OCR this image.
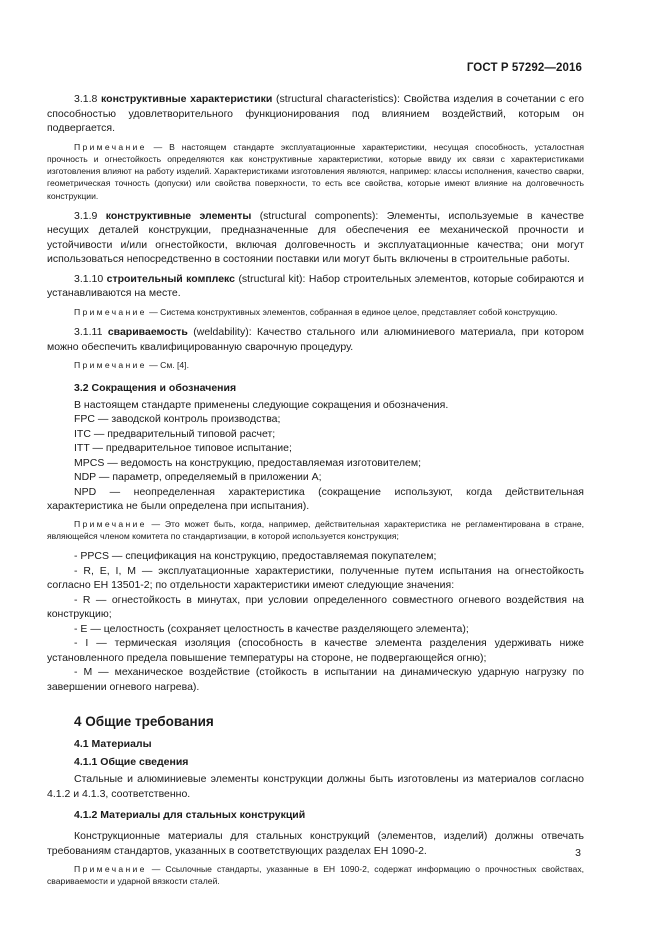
ГОСТ Р 57292—2016

3.1.8 конструктивные характеристики (structural characteristics): Свойства изделия в сочетании с его способностью удовлетворительного функционирования под влиянием воздействий, которым он подвергается.

Примечание — В настоящем стандарте эксплуатационные характеристики, несущая способность, усталостная прочность и огнестойкость определяются как конструктивные характеристики, которые ввиду их связи с характеристиками изготовления влияют на работу изделий. Характеристиками изготовления являются, например: классы исполнения, качество сварки, геометрическая точность (допуски) или свойства поверхности, то есть все свойства, которые имеют влияние на долговечность конструкции.

3.1.9 конструктивные элементы (structural components): Элементы, используемые в качестве несущих деталей конструкции, предназначенные для обеспечения ее механической прочности и устойчивости и/или огнестойкости, включая долговечность и эксплуатационные качества; они могут использоваться непосредственно в состоянии поставки или могут быть включены в строительные работы.

3.1.10 строительный комплекс (structural kit): Набор строительных элементов, которые собираются и устанавливаются на месте.

Примечание — Система конструктивных элементов, собранная в единое целое, представляет собой конструкцию.

3.1.11 свариваемость (weldability): Качество стального или алюминиевого материала, при котором можно обеспечить квалифицированную сварочную процедуру.

Примечание — См. [4].

3.2 Сокращения и обозначения

В настоящем стандарте применены следующие сокращения и обозначения.

FPC — заводской контроль производства;

ITC — предварительный типовой расчет;

ITT — предварительное типовое испытание;

MPCS — ведомость на конструкцию, предоставляемая изготовителем;

NDP — параметр, определяемый в приложении А;

NPD — неопределенная характеристика (сокращение используют, когда действительная характеристика не были определена при испытания).

Примечание — Это может быть, когда, например, действительная характеристика не регламентирована в стране, являющейся членом комитета по стандартизации, в которой используется конструкция;

- PPCS — спецификация на конструкцию, предоставляемая покупателем;

- R, E, I, M — эксплуатационные характеристики, полученные путем испытания на огнестойкость согласно ЕН 13501-2; по отдельности характеристики имеют следующие значения:

- R — огнестойкость в минутах, при условии определенного совместного огневого воздействия на конструкцию;

- E — целостность (сохраняет целостность в качестве разделяющего элемента);

- I — термическая изоляция (способность в качестве элемента разделения удерживать ниже установленного предела повышение температуры на стороне, не подвергающейся огню);

- M — механическое воздействие (стойкость в испытании на динамическую ударную нагрузку по завершении огневого нагрева).

4 Общие требования
4.1 Материалы
4.1.1 Общие сведения

Стальные и алюминиевые элементы конструкции должны быть изготовлены из материалов согласно 4.1.2 и 4.1.3, соответственно.

4.1.2 Материалы для стальных конструкций

Конструкционные материалы для стальных конструкций (элементов, изделий) должны отвечать требованиям стандартов, указанных в соответствующих разделах ЕН 1090-2.

Примечание — Ссылочные стандарты, указанные в ЕН 1090-2, содержат информацию о прочностных свойствах, свариваемости и ударной вязкости сталей.

3
